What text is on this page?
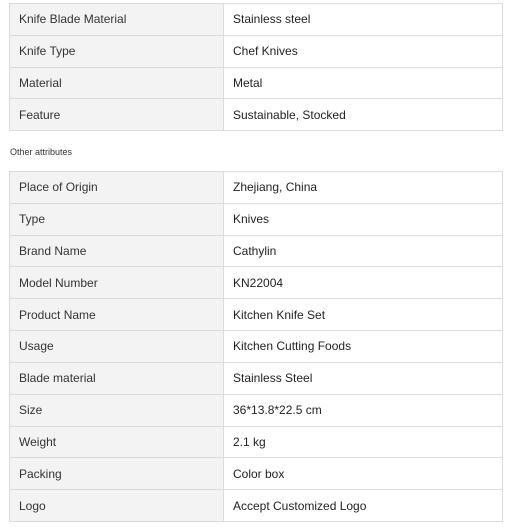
Knife Blade Material	Stainless steel
Knife Type	Chef Knives
Material	Metal
Feature	Sustainable, Stocked
Other attributes
Place of Origin	Zhejiang, China
Type	Knives
Brand Name	Cathylin
Model Number	KN22004
Product Name	Kitchen Knife Set
Usage	Kitchen Cutting Foods
Blade material	Stainless Steel
Size	36*13.8*22.5 cm
Weight	2.1 kg
Packing	Color box
Logo	Accept Customized Logo
